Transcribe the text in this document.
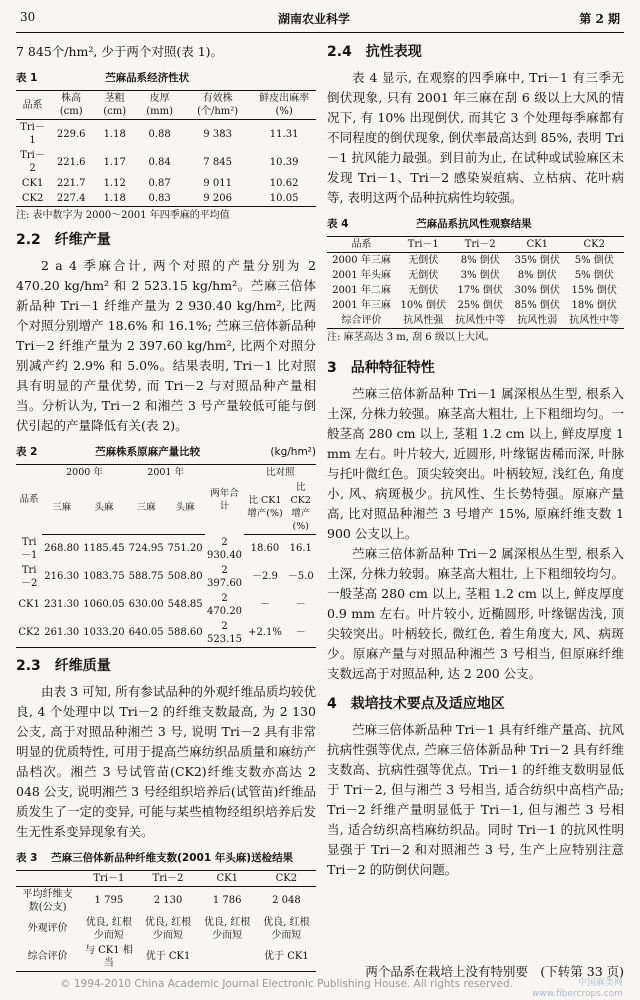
30	湖南农业科学	第 2 期

7 845个/hm², 少于两个对照(表 1)。

表 1	苎麻品系经济性状
品系	株高(cm)	茎粗(cm)	皮厚(mm)	有效株(个/hm²)	鲜皮出麻率(%)
Tri－1	229.6	1.18	0.88	9 383	11.31
Tri－2	221.6	1.17	0.84	7 845	10.39
CK1	221.7	1.12	0.87	9 011	10.62
CK2	227.4	1.18	0.83	9 206	10.05
注: 表中数字为 2000～2001 年四季麻的平均值
2.2　纤维产量

2 a 4 季麻合计, 两个对照的产量分别为 2 470.20 kg/hm² 和 2 523.15 kg/hm²。苎麻三倍体新品种 Tri－1 纤维产量为 2 930.40 kg/hm², 比两个对照分别增产 18.6% 和 16.1%; 苎麻三倍体新品种 Tri－2 纤维产量为 2 397.60 kg/hm², 比两个对照分别减产约 2.9% 和 5.0%。结果表明, Tri－1 比对照具有明显的产量优势, 而 Tri－2 与对照品种产量相当。分析认为, Tri－2 和湘苎 3 号产量较低可能与倒伏引起的产量降低有关(表 2)。

表 2	苎麻株系原麻产量比较	(kg/hm²)
品系	2000 年		2001 年		两年合计	比对照	
	三麻	头麻	三麻	头麻		比 CK1 增产(%)	比 CK2 增产(%)
Tri－1	268.80	1185.45	724.95	751.20	2 930.40	18.60	16.1
Tri－2	216.30	1083.75	588.75	508.80	2 397.60	－2.9	－5.0
CK1	231.30	1060.05	630.00	548.85	2 470.20	－	－
CK2	261.30	1033.20	640.05	588.60	2 523.15	+2.1%	－
2.3　纤维质量

由表 3 可知, 所有参试品种的外观纤维品质均较优良, 4 个处理中以 Tri－2 的纤维支数最高, 为 2 130 公支, 高于对照品种湘苎 3 号, 说明 Tri－2 具有非常明显的优质特性, 可用于提高苎麻纺织品质量和麻纺产品档次。湘苎 3 号试管苗(CK2)纤维支数亦高达 2 048 公支, 说明湘苎 3 号经组织培养后(试管苗)纤维品质发生了一定的变异, 可能与某些植物经组织培养后发生无性系变异现象有关。

表 3 苎麻三倍体新品种纤维支数(2001 年头麻)送检结果
	Tri－1	Tri－2	CK1	CK2
平均纤维支数(公支)	1 795	2 130	1 786	2 048
外观评价	优良, 红根少而短	优良, 红根少而短	优良, 红根少而短	优良, 红根少而短
综合评价	与 CK1 相当	优于 CK1		优于 CK1
2.4　抗性表现

表 4 显示, 在观察的四季麻中, Tri－1 有三季无倒伏现象, 只有 2001 年三麻在刮 6 级以上大风的情况下, 有 10% 出现倒伏, 而其它 3 个处理每季麻都有不同程度的倒伏现象, 倒伏率最高达到 85%, 表明 Tri－1 抗风能力最强。到目前为止, 在试种或试验麻区未发现 Tri－1、Tri－2 感染炭疽病、立枯病、花叶病等, 表明这两个品种抗病性均较强。

表 4	苎麻品系抗风性观察结果
品系	Tri－1	Tri－2	CK1	CK2
2000 年三麻	无倒伏	8% 倒伏	35% 倒伏	5% 倒伏
2001 年头麻	无倒伏	3% 倒伏	8% 倒伏	5% 倒伏
2001 年二麻	无倒伏	17% 倒伏	30% 倒伏	15% 倒伏
2001 年三麻	10% 倒伏	25% 倒伏	85% 倒伏	18% 倒伏
综合评价	抗风性强	抗风性中等	抗风性弱	抗风性中等
注: 麻茎高达 3 m, 刮 6 级以上大风。
3　品种特征特性

苎麻三倍体新品种 Tri－1 属深根丛生型, 根系入土深, 分株力较强。麻茎高大粗壮, 上下粗细均匀。一般茎高 280 cm 以上, 茎粗 1.2 cm 以上, 鲜皮厚度 1 mm 左右。叶片较大, 近圆形, 叶缘锯齿稀而深, 叶脉与托叶微红色。顶尖较突出。叶柄较短, 浅红色, 角度小, 风、病斑极少。抗风性、生长势特强。原麻产量高, 比对照品种湘苎 3 号增产 15%, 原麻纤维支数 1 900 公支以上。

苎麻三倍体新品种 Tri－2 属深根丛生型, 根系入土深, 分株力较弱。麻茎高大粗壮, 上下粗细较均匀。一般茎高 280 cm 以上, 茎粗 1.2 cm 以上, 鲜皮厚度 0.9 mm 左右。叶片较小, 近椭圆形, 叶缘锯齿浅, 顶尖较突出。叶柄较长, 微红色, 着生角度大, 风、病斑少。原麻产量与对照品种湘苎 3 号相当, 但原麻纤维支数远高于对照品种, 达 2 200 公支。

4　栽培技术要点及适应地区

苎麻三倍体新品种 Tri－1 具有纤维产量高、抗风抗病性强等优点, 苎麻三倍体新品种 Tri－2 具有纤维支数高、抗病性强等优点。Tri－1 的纤维支数明显低于 Tri－2, 但与湘苎 3 号相当, 适合纺织中高档产品; Tri－2 纤维产量明显低于 Tri－1, 但与湘苎 3 号相当, 适合纺织高档麻纺织品。同时 Tri－1 的抗风性明显强于 Tri－2 和对照湘苎 3 号, 生产上应特别注意 Tri－2 的防倒伏问题。

两个品系在栽培上没有特别要　(下转第 33 页)
© 1994-2010 China Academic Journal Electronic Publishing House. All rights reserved.	中国麻类网
www.fibercrops.com
